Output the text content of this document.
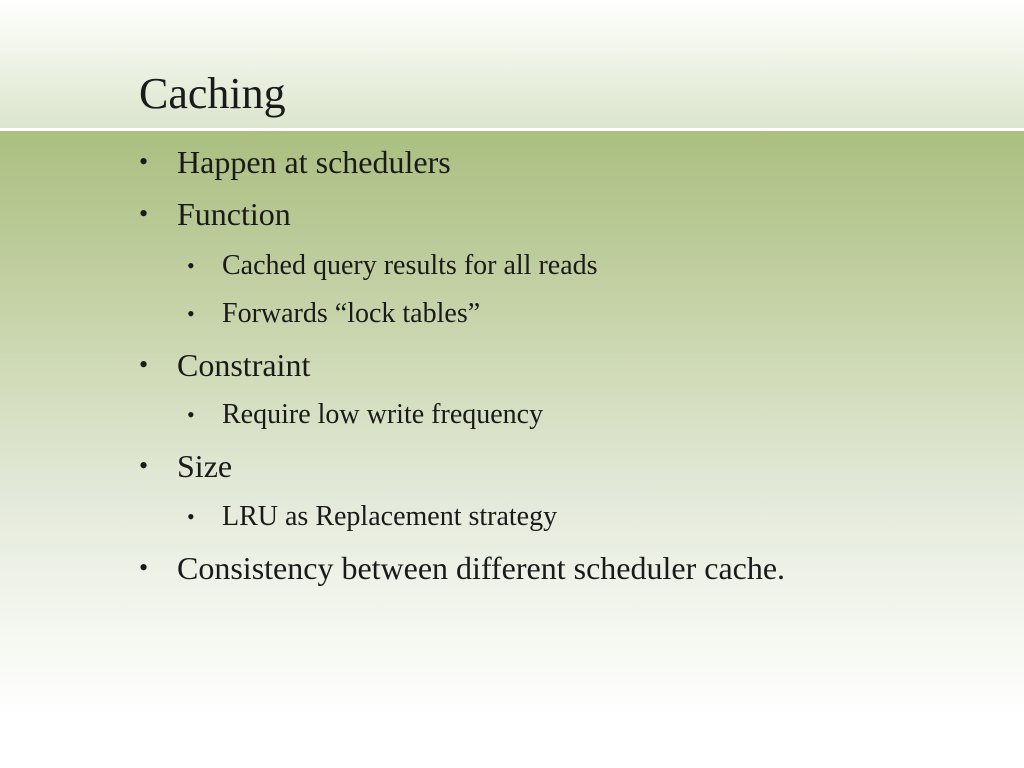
Caching
• Happen at schedulers
• Function
• Cached query results for all reads
• Forwards “lock tables”
• Constraint
• Require low write frequency
• Size
• LRU as Replacement strategy
• Consistency between different scheduler cache.
